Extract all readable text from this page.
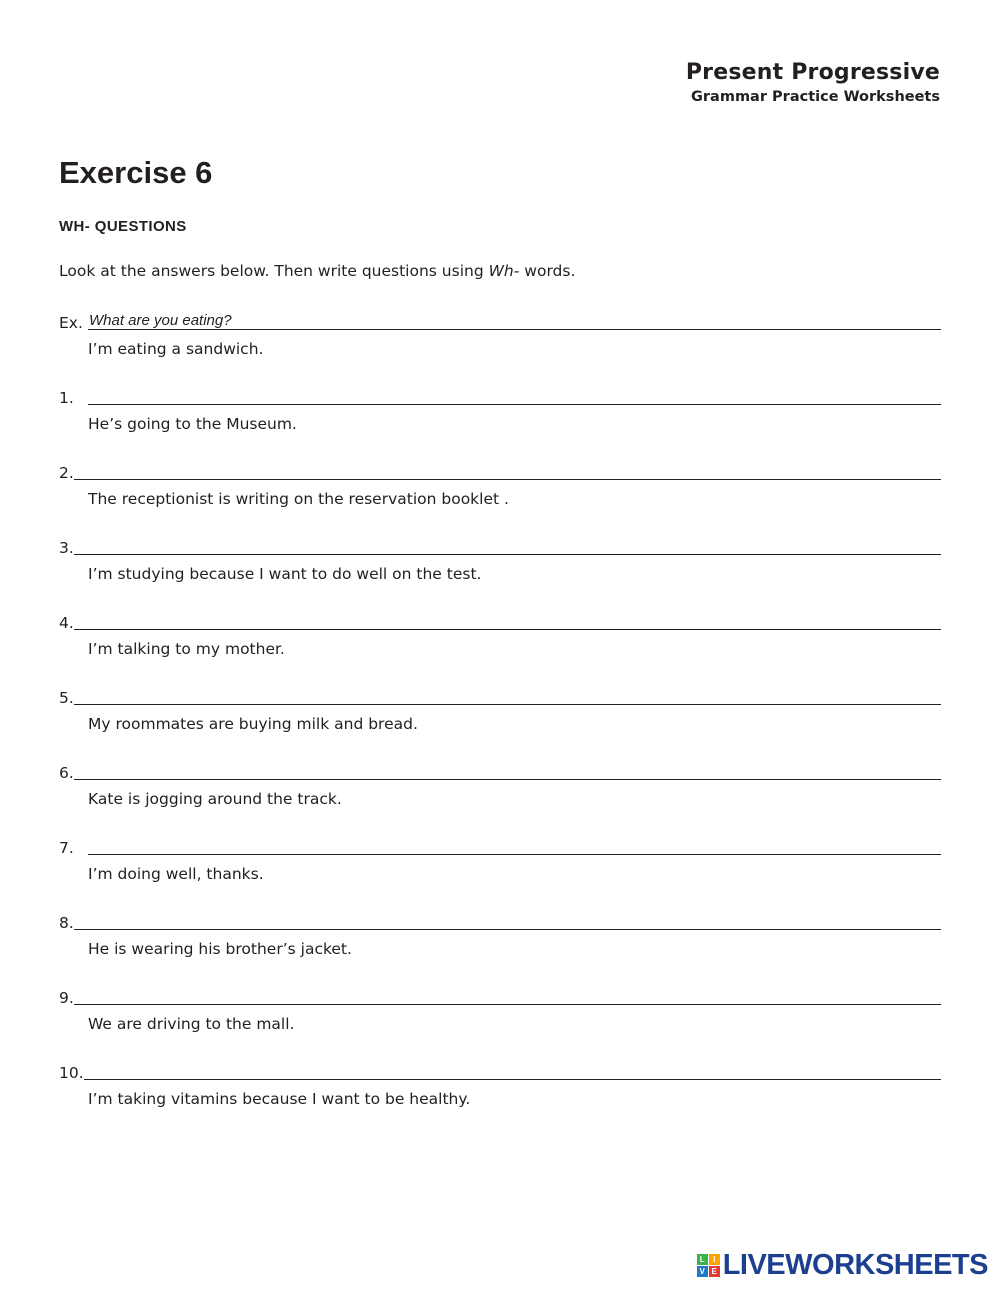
Present Progressive
Grammar Practice Worksheets
Exercise 6
WH- QUESTIONS
Look at the answers below. Then write questions using Wh- words.
Ex. What are you eating?
I’m eating a sandwich.
1.
He’s going to the Museum.
2.
The receptionist is writing on the reservation booklet .
3.
I’m studying because I want to do well on the test.
4.
I’m talking to my mother.
5.
My roommates are buying milk and bread.
6.
Kate is jogging around the track.
7.
I’m doing well, thanks.
8.
He is wearing his brother’s jacket.
9.
We are driving to the mall.
10.
I’m taking vitamins because I want to be healthy.
L	I
V E LIVEWORKSHEETS
